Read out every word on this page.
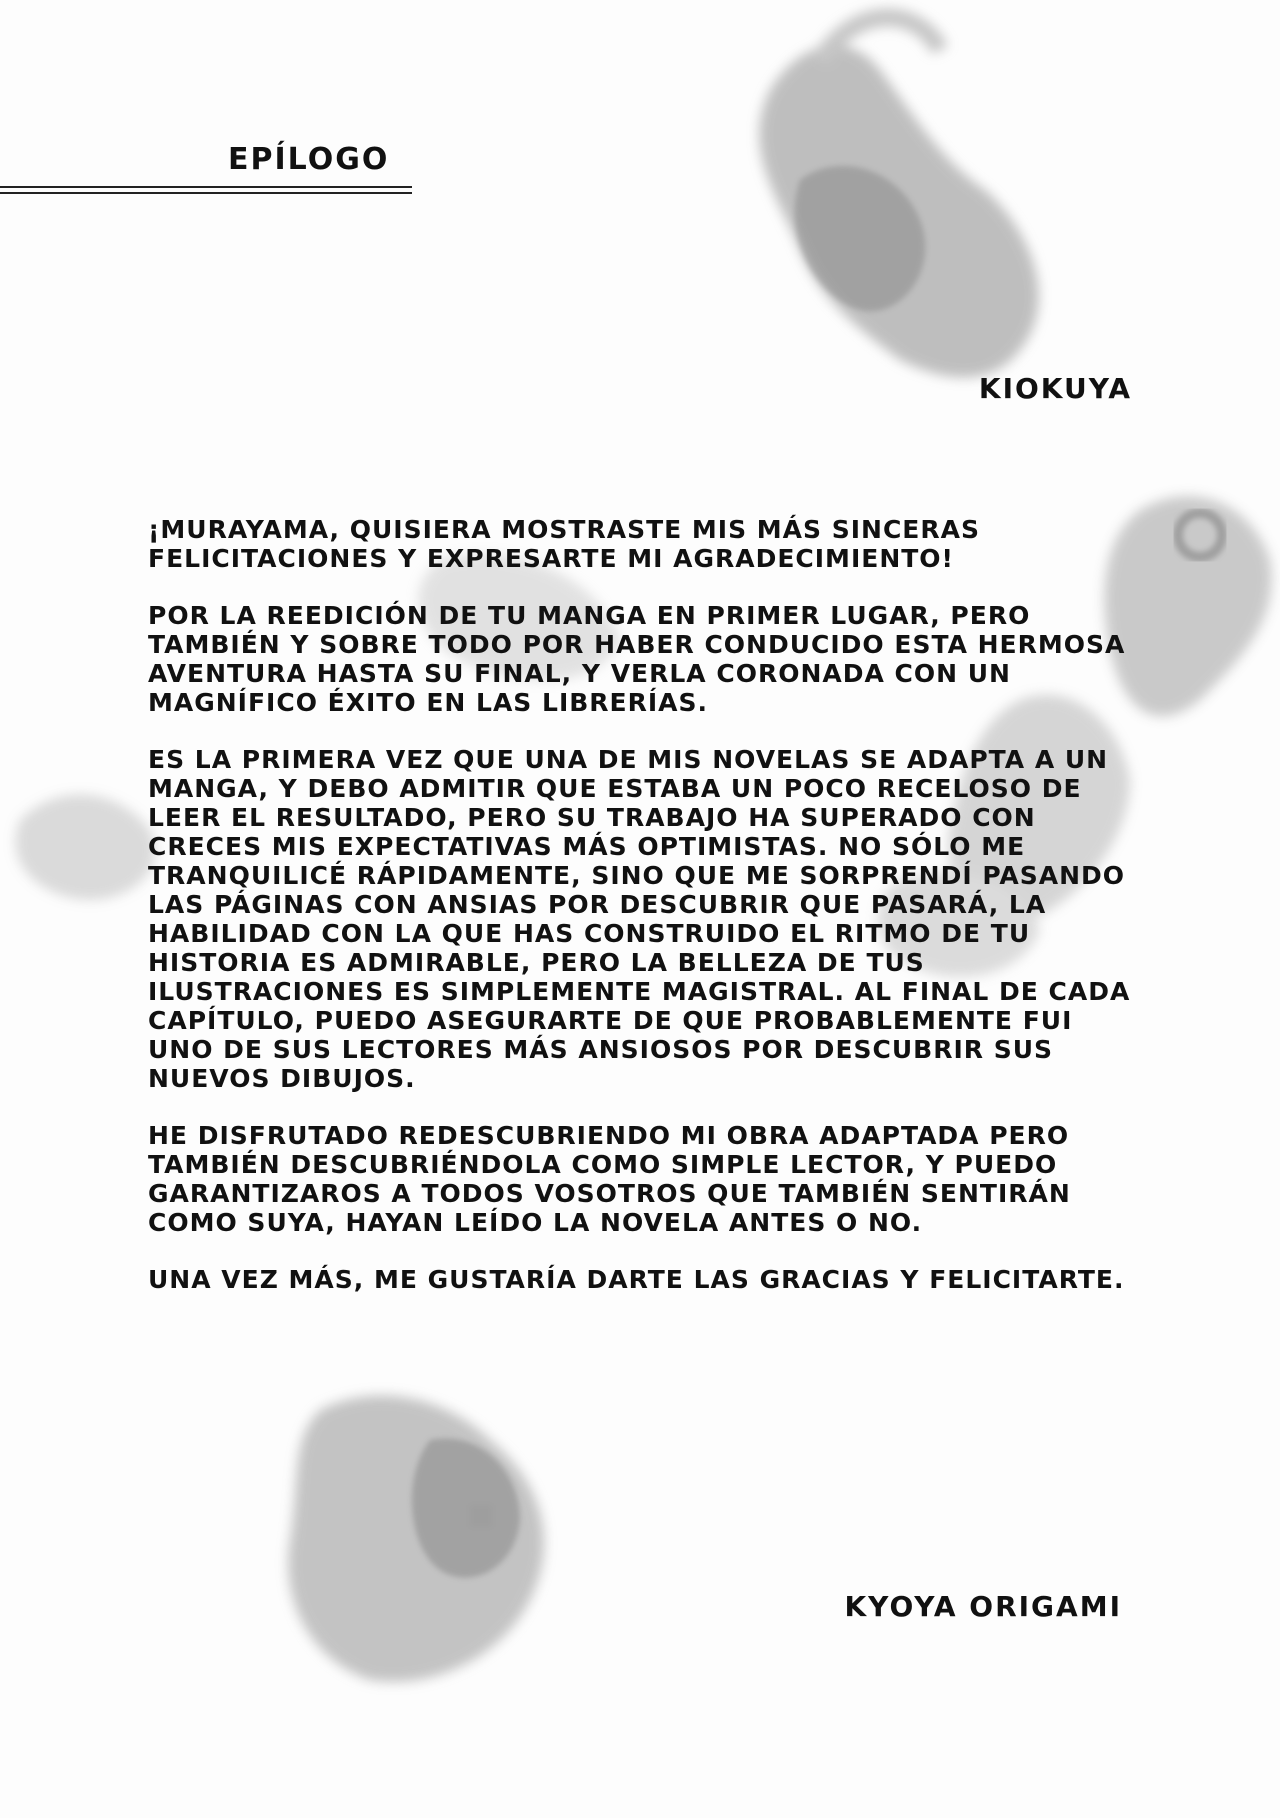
EPÍLOGO
KIOKUYA

¡MURAYAMA, QUISIERA MOSTRASTE MIS MÁS SINCERAS
FELICITACIONES Y EXPRESARTE MI AGRADECIMIENTO!

POR LA REEDICIÓN DE TU MANGA EN PRIMER LUGAR, PERO
TAMBIÉN Y SOBRE TODO POR HABER CONDUCIDO ESTA HERMOSA
AVENTURA HASTA SU FINAL, Y VERLA CORONADA CON UN
MAGNÍFICO ÉXITO EN LAS LIBRERÍAS.

ES LA PRIMERA VEZ QUE UNA DE MIS NOVELAS SE ADAPTA A UN
MANGA, Y DEBO ADMITIR QUE ESTABA UN POCO RECELOSO DE
LEER EL RESULTADO, PERO SU TRABAJO HA SUPERADO CON
CRECES MIS EXPECTATIVAS MÁS OPTIMISTAS. NO SÓLO ME
TRANQUILICÉ RÁPIDAMENTE, SINO QUE ME SORPRENDÍ PASANDO
LAS PÁGINAS CON ANSIAS POR DESCUBRIR QUE PASARÁ, LA
HABILIDAD CON LA QUE HAS CONSTRUIDO EL RITMO DE TU
HISTORIA ES ADMIRABLE, PERO LA BELLEZA DE TUS
ILUSTRACIONES ES SIMPLEMENTE MAGISTRAL. AL FINAL DE CADA
CAPÍTULO, PUEDO ASEGURARTE DE QUE PROBABLEMENTE FUI
UNO DE SUS LECTORES MÁS ANSIOSOS POR DESCUBRIR SUS
NUEVOS DIBUJOS.

HE DISFRUTADO REDESCUBRIENDO MI OBRA ADAPTADA PERO
TAMBIÉN DESCUBRIÉNDOLA COMO SIMPLE LECTOR, Y PUEDO
GARANTIZAROS A TODOS VOSOTROS QUE TAMBIÉN SENTIRÁN
COMO SUYA, HAYAN LEÍDO LA NOVELA ANTES O NO.

UNA VEZ MÁS, ME GUSTARÍA DARTE LAS GRACIAS Y FELICITARTE.

KYOYA ORIGAMI
